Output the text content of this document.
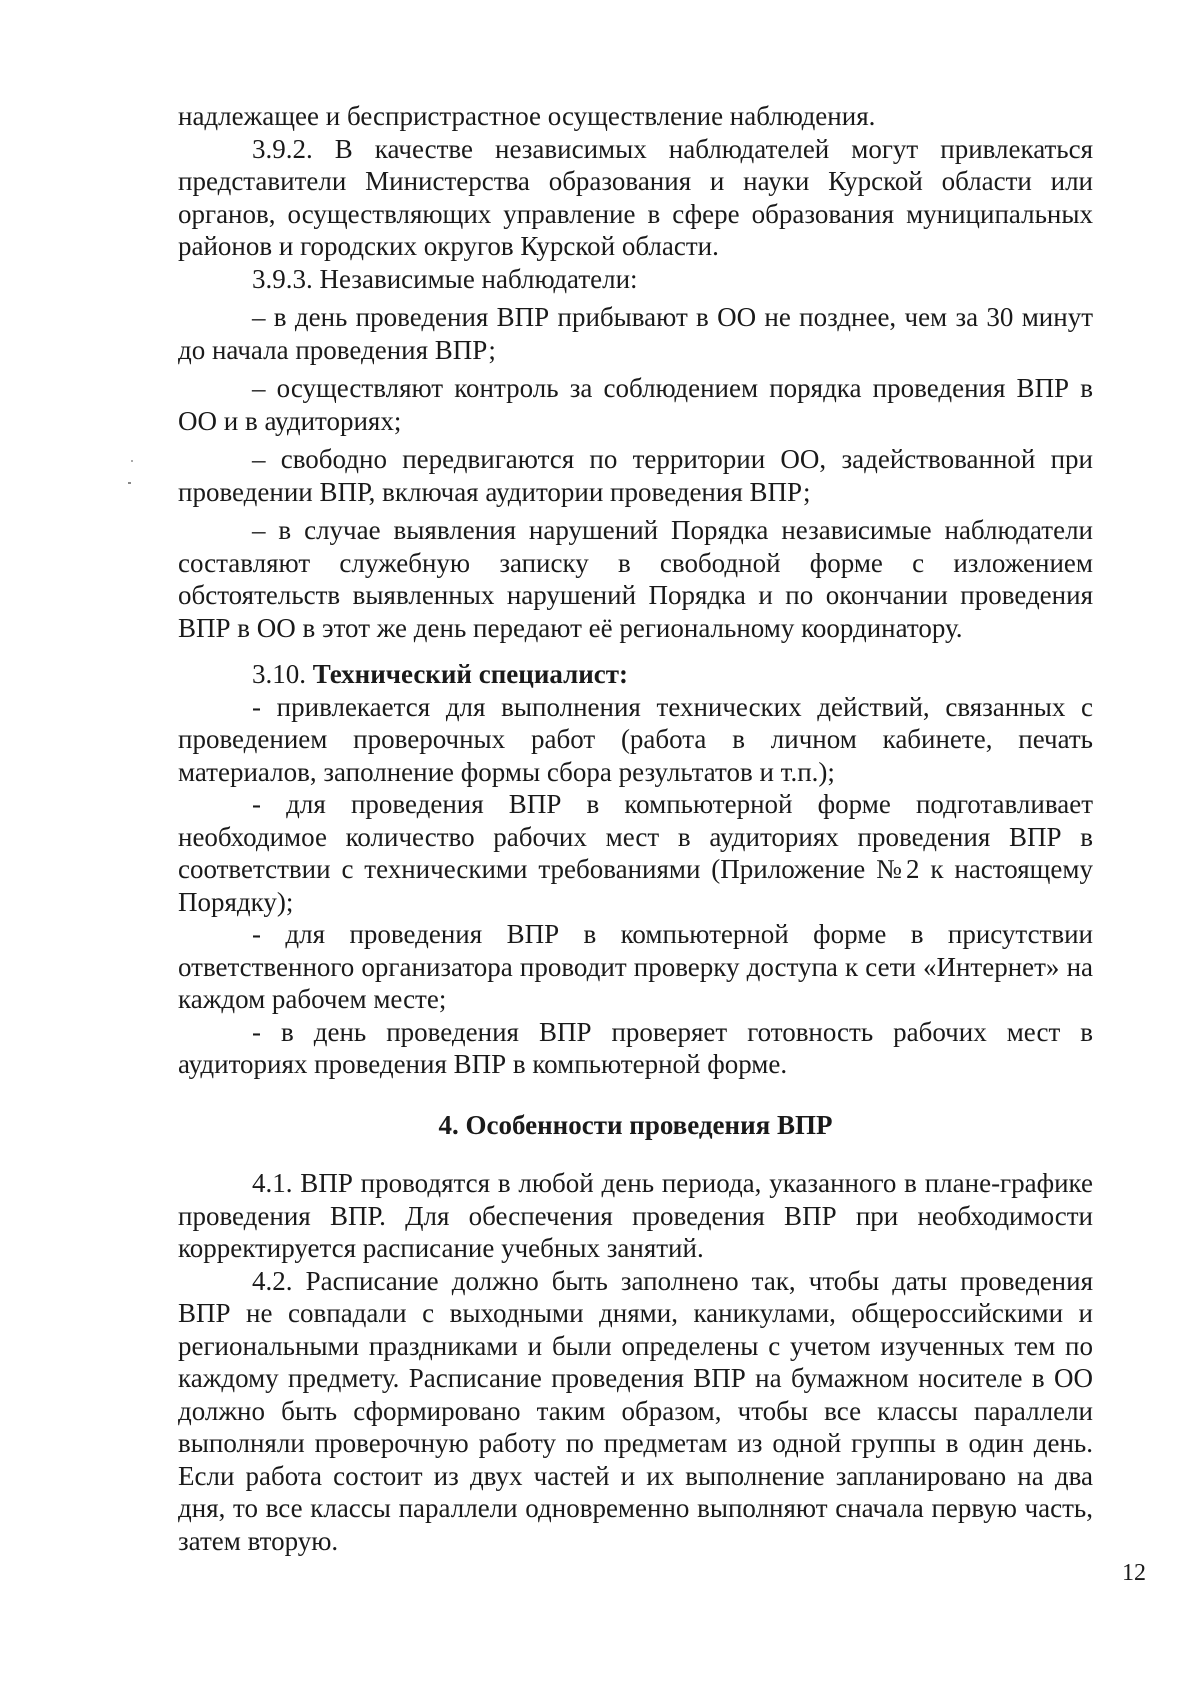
надлежащее и беспристрастное осуществление наблюдения.

3.9.2. В качестве независимых наблюдателей могут привлекаться представители Министерства образования и науки Курской области или органов, осуществляющих управление в сфере образования муниципальных районов и городских округов Курской области.

3.9.3. Независимые наблюдатели:

– в день проведения ВПР прибывают в ОО не позднее, чем за 30 минут до начала проведения ВПР;

– осуществляют контроль за соблюдением порядка проведения ВПР в ОО и в аудиториях;

– свободно передвигаются по территории ОО, задействованной при проведении ВПР, включая аудитории проведения ВПР;

– в случае выявления нарушений Порядка независимые наблюдатели составляют служебную записку в свободной форме с изложением обстоятельств выявленных нарушений Порядка и по окончании проведения ВПР в ОО в этот же день передают её региональному координатору.

3.10. Технический специалист:

- привлекается для выполнения технических действий, связанных с проведением проверочных работ (работа в личном кабинете, печать материалов, заполнение формы сбора результатов и т.п.);

- для проведения ВПР в компьютерной форме подготавливает необходимое количество рабочих мест в аудиториях проведения ВПР в соответствии с техническими требованиями (Приложение №2 к настоящему Порядку);

- для проведения ВПР в компьютерной форме в присутствии ответственного организатора проводит проверку доступа к сети «Интернет» на каждом рабочем месте;

- в день проведения ВПР проверяет готовность рабочих мест в аудиториях проведения ВПР в компьютерной форме.

4. Особенности проведения ВПР

4.1. ВПР проводятся в любой день периода, указанного в плане-графике проведения ВПР. Для обеспечения проведения ВПР при необходимости корректируется расписание учебных занятий.

4.2. Расписание должно быть заполнено так, чтобы даты проведения ВПР не совпадали с выходными днями, каникулами, общероссийскими и региональными праздниками и были определены с учетом изученных тем по каждому предмету. Расписание проведения ВПР на бумажном носителе в ОО должно быть сформировано таким образом, чтобы все классы параллели выполняли проверочную работу по предметам из одной группы в один день. Если работа состоит из двух частей и их выполнение запланировано на два дня, то все классы параллели одновременно выполняют сначала первую часть, затем вторую.

12
